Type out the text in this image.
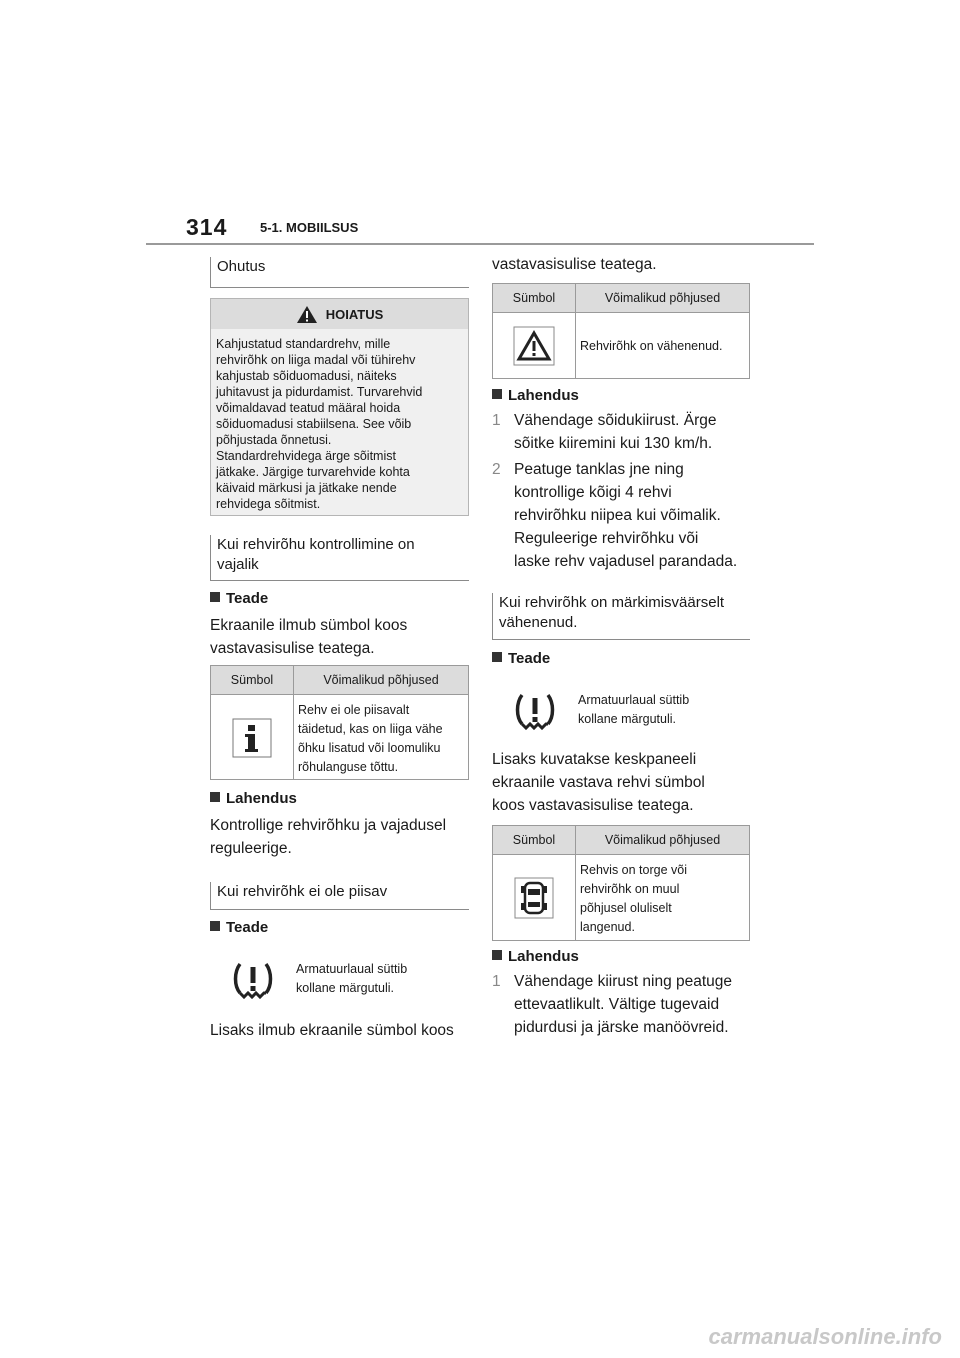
314	5-1. MOBIILSUS
Ohutus
HOIATUS
Kahjustatud standardrehv, mille
rehvirõhk on liiga madal või tühirehv
kahjustab sõiduomadusi, näiteks
juhitavust ja pidurdamist. Turvarehvid
võimaldavad teatud määral hoida
sõiduomadusi stabiilsena. See võib
põhjustada õnnetusi.
Standardrehvidega ärge sõitmist
jätkake. Järgige turvarehvide kohta
käivaid märkusi ja jätkake nende
rehvidega sõitmist.
Kui rehvirõhu kontrollimine on
vajalik
Teade
Ekraanile ilmub sümbol koos
vastavasisulise teatega.
Sümbol	Võimalikud põhjused
Rehv ei ole piisavalt
täidetud, kas on liiga vähe
õhku lisatud või loomuliku
rõhulanguse tõttu.
Lahendus
Kontrollige rehvirõhku ja vajadusel
reguleerige.
Kui rehvirõhk ei ole piisav
Teade
Armatuurlaual süttib
kollane märgutuli.
Lisaks ilmub ekraanile sümbol koos
vastavasisulise teatega.
Sümbol	Võimalikud põhjused
Rehvirõhk on vähenenud.
Lahendus
1 Vähendage sõidukiirust. Ärge
sõitke kiiremini kui 130 km/h.
2 Peatuge tanklas jne ning
kontrollige kõigi 4 rehvi
rehvirõhku niipea kui võimalik.
Reguleerige rehvirõhku või
laske rehv vajadusel parandada.
Kui rehvirõhk on märkimisväärselt
vähenenud.
Teade
Armatuurlaual süttib
kollane märgutuli.
Lisaks kuvatakse keskpaneeli
ekraanile vastava rehvi sümbol
koos vastavasisulise teatega.
Sümbol	Võimalikud põhjused
Rehvis on torge või
rehvirõhk on muul
põhjusel oluliselt
langenud.
Lahendus
1 Vähendage kiirust ning peatuge
ettevaatlikult. Vältige tugevaid
pidurdusi ja järske manöövreid.
carmanualsonline.info
